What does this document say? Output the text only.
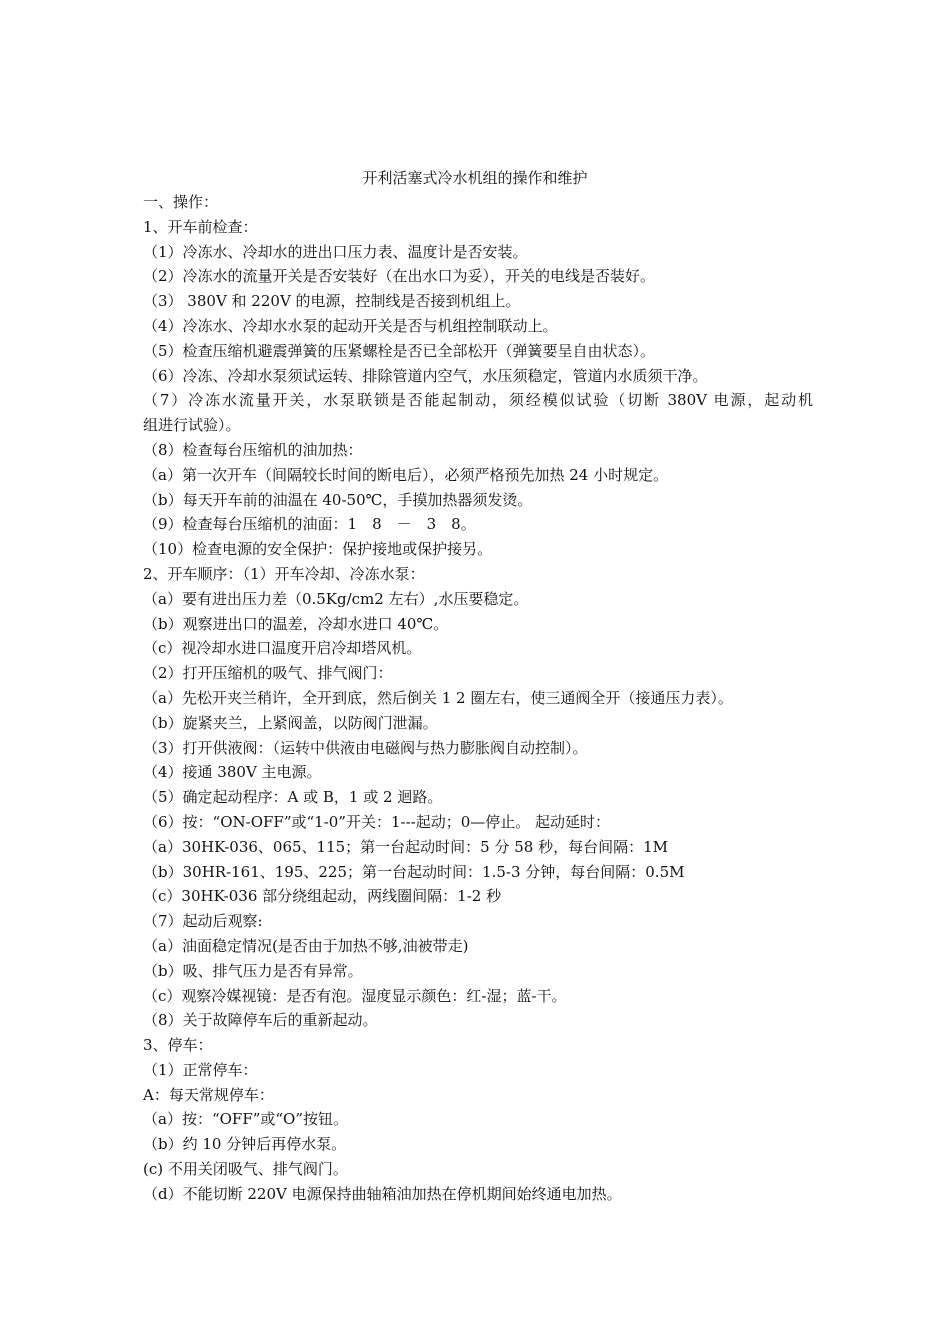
开利活塞式冷水机组的操作和维护
一、操作：
1、开车前检查：
（1）冷冻水、冷却水的进出口压力表、温度计是否安装。
（2）冷冻水的流量开关是否安装好（在出水口为妥），开关的电线是否装好。
（3） 380V 和 220V 的电源，控制线是否接到机组上。
（4）冷冻水、冷却水水泵的起动开关是否与机组控制联动上。
（5）检查压缩机避震弹簧的压紧螺栓是否已全部松开（弹簧要呈自由状态）。
（6）冷冻、冷却水泵须试运转、排除管道内空气，水压须稳定，管道内水质须干净。
（7）冷冻水流量开关，水泵联锁是否能起制动，须经模似试验（切断 380V 电源，起动机
组进行试验）。
（8）检查每台压缩机的油加热：
（a）第一次开车（间隔较长时间的断电后），必须严格预先加热 24 小时规定。
（b）每天开车前的油温在 40-50℃，手摸加热器须发烫。
（9）检查每台压缩机的油面：1　8　－　3　8。
（10）检查电源的安全保护：保护接地或保护接另。
2、开车顺序：（1）开车冷却、冷冻水泵：
（a）要有进出压力差（0.5Kg/cm2 左右）,水压要稳定。
（b）观察进出口的温差，冷却水进口 40℃。
（c）视冷却水进口温度开启冷却塔风机。
（2）打开压缩机的吸气、排气阀门：
（a）先松开夹兰稍许，全开到底，然后倒关 1 2 圈左右，使三通阀全开（接通压力表）。
（b）旋紧夹兰，上紧阀盖，以防阀门泄漏。
（3）打开供液阀：（运转中供液由电磁阀与热力膨胀阀自动控制）。
（4）接通 380V 主电源。
（5）确定起动程序：A 或 B，1 或 2 迴路。
（6）按：“ON-OFF”或“1-0”开关：1---起动；0—停止。 起动延时：
（a）30HK-036、065、115；第一台起动时间：5 分 58 秒，每台间隔：1M
（b）30HR-161、195、225；第一台起动时间：1.5-3 分钟，每台间隔：0.5M
（c）30HK-036 部分绕组起动，两线圈间隔：1-2 秒
（7）起动后观察:
（a）油面稳定情况(是否由于加热不够,油被带走)
（b）吸、排气压力是否有异常。
（c）观察冷媒视镜：是否有泡。湿度显示颜色：红-湿；蓝-干。
（8）关于故障停车后的重新起动。
3、停车：
（1）正常停车：
A：每天常规停车：
（a）按：“OFF”或“O”按钮。
（b）约 10 分钟后再停水泵。
(c) 不用关闭吸气、排气阀门。
（d）不能切断 220V 电源保持曲轴箱油加热在停机期间始终通电加热。
